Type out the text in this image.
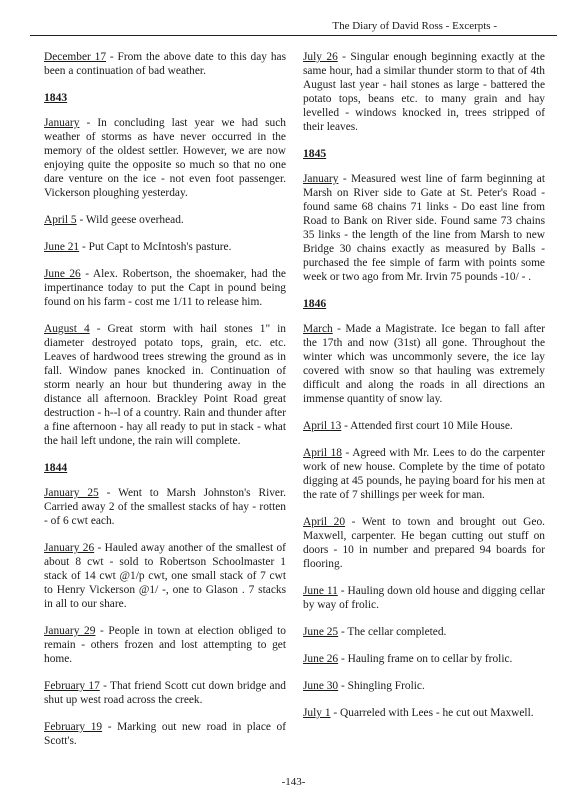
The Diary of David Ross - Excerpts -
December 17 - From the above date to this day has been a continuation of bad weather.
1843
January - In concluding last year we had such weather of storms as have never occurred in the memory of the oldest settler. However, we are now enjoying quite the opposite so much so that no one dare venture on the ice - not even foot passenger. Vickerson ploughing yesterday.
April 5 - Wild geese overhead.
June 21 - Put Capt to McIntosh's pasture.
June 26 - Alex. Robertson, the shoemaker, had the impertinance today to put the Capt in pound being found on his farm - cost me 1/11 to release him.
August 4 - Great storm with hail stones 1" in diameter destroyed potato tops, grain, etc. etc. Leaves of hardwood trees strewing the ground as in fall. Window panes knocked in. Continuation of storm nearly an hour but thundering away in the distance all afternoon. Brackley Point Road great destruction - h--l of a country. Rain and thunder after a fine afternoon - hay all ready to put in stack - what the hail left undone, the rain will complete.
1844
January 25 - Went to Marsh Johnston's River. Carried away 2 of the smallest stacks of hay - rotten - of 6 cwt each.
January 26 - Hauled away another of the smallest of about 8 cwt - sold to Robertson Schoolmaster 1 stack of 14 cwt @1/p cwt, one small stack of 7 cwt to Henry Vickerson @1/ -, one to Glason . 7 stacks in all to our share.
January 29 - People in town at election obliged to remain - others frozen and lost attempting to get home.
February 17 - That friend Scott cut down bridge and shut up west road across the creek.
February 19 - Marking out new road in place of Scott's.
July 26 - Singular enough beginning exactly at the same hour, had a similar thunder storm to that of 4th August last year - hail stones as large - battered the potato tops, beans etc. to many grain and hay levelled - windows knocked in, trees stripped of their leaves.
1845
January - Measured west line of farm beginning at Marsh on River side to Gate at St. Peter's Road - found same 68 chains 71 links - Do east line from Road to Bank on River side. Found same 73 chains 35 links - the length of the line from Marsh to new Bridge 30 chains exactly as measured by Balls - purchased the fee simple of farm with points some week or two ago from Mr. Irvin 75 pounds -10/ - .
1846
March - Made a Magistrate. Ice began to fall after the 17th and now (31st) all gone. Throughout the winter which was uncommonly severe, the ice lay covered with snow so that hauling was extremely difficult and along the roads in all directions an immense quantity of snow lay.
April 13 - Attended first court 10 Mile House.
April 18 - Agreed with Mr. Lees to do the carpenter work of new house. Complete by the time of potato digging at 45 pounds, he paying board for his men at the rate of 7 shillings per week for man.
April 20 - Went to town and brought out Geo. Maxwell, carpenter. He began cutting out stuff on doors - 10 in number and prepared 94 boards for flooring.
June 11 - Hauling down old house and digging cellar by way of frolic.
June 25 - The cellar completed.
June 26 - Hauling frame on to cellar by frolic.
June 30 - Shingling Frolic.
July 1 - Quarreled with Lees - he cut out Maxwell.
-143-
